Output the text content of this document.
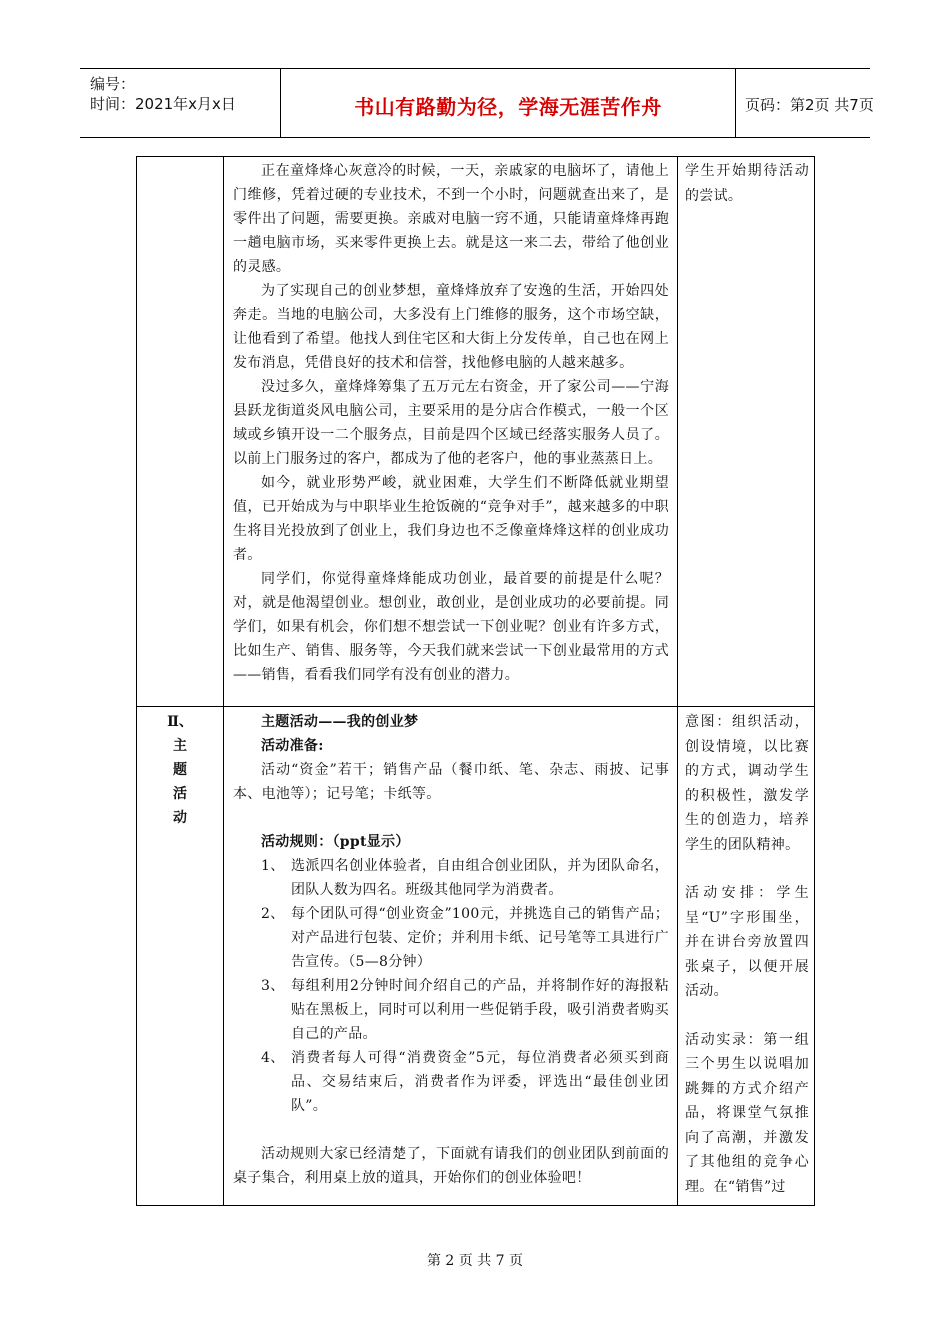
编号：
时间：2021年x月x日	书山有路勤为径，学海无涯苦作舟	页码：第2页 共7页

正在童烽烽心灰意冷的时候，一天，亲戚家的电脑坏了，请他上门维修，凭着过硬的专业技术，不到一个小时，问题就查出来了，是零件出了问题，需要更换。亲戚对电脑一窍不通，只能请童烽烽再跑一趟电脑市场，买来零件更换上去。就是这一来二去，带给了他创业的灵感。

为了实现自己的创业梦想，童烽烽放弃了安逸的生活，开始四处奔走。当地的电脑公司，大多没有上门维修的服务，这个市场空缺，让他看到了希望。他找人到住宅区和大街上分发传单，自己也在网上发布消息，凭借良好的技术和信誉，找他修电脑的人越来越多。

没过多久，童烽烽筹集了五万元左右资金，开了家公司——宁海县跃龙街道炎风电脑公司，主要采用的是分店合作模式，一般一个区域或乡镇开设一二个服务点，目前是四个区域已经落实服务人员了。以前上门服务过的客户，都成为了他的老客户，他的事业蒸蒸日上。

如今，就业形势严峻，就业困难，大学生们不断降低就业期望值，已开始成为与中职毕业生抢饭碗的“竞争对手”，越来越多的中职生将目光投放到了创业上，我们身边也不乏像童烽烽这样的创业成功者。

同学们，你觉得童烽烽能成功创业，最首要的前提是什么呢？对，就是他渴望创业。想创业，敢创业，是创业成功的必要前提。同学们，如果有机会，你们想不想尝试一下创业呢？创业有许多方式，比如生产、销售、服务等，今天我们就来尝试一下创业最常用的方式——销售，看看我们同学有没有创业的潜力。

学生开始期待活动的尝试。

Ⅱ、
主
题
活
动

主题活动——我的创业梦

活动准备:

活动“资金”若干；销售产品（餐巾纸、笔、杂志、雨披、记事本、电池等）；记号笔；卡纸等。

活动规则：（ppt显示）

1、 选派四名创业体验者，自由组合创业团队，并为团队命名，团队人数为四名。班级其他同学为消费者。

2、 每个团队可得“创业资金”100元，并挑选自己的销售产品；对产品进行包装、定价；并利用卡纸、记号笔等工具进行广告宣传。（5—8分钟）

3、 每组利用2分钟时间介绍自己的产品，并将制作好的海报粘贴在黑板上，同时可以利用一些促销手段，吸引消费者购买自己的产品。

4、 消费者每人可得“消费资金”5元，每位消费者必须买到商品、交易结束后，消费者作为评委，评选出“最佳创业团队”。

活动规则大家已经清楚了，下面就有请我们的创业团队到前面的桌子集合，利用桌上放的道具，开始你们的创业体验吧！

意图：组织活动，创设情境，以比赛的方式，调动学生的积极性，激发学生的创造力，培养学生的团队精神。

活动安排：学生呈“U”字形围坐，并在讲台旁放置四张桌子，以便开展活动。

活动实录：第一组三个男生以说唱加跳舞的方式介绍产品，将课堂气氛推向了高潮，并激发了其他组的竞争心理。在“销售”过

第 2 页 共 7 页
